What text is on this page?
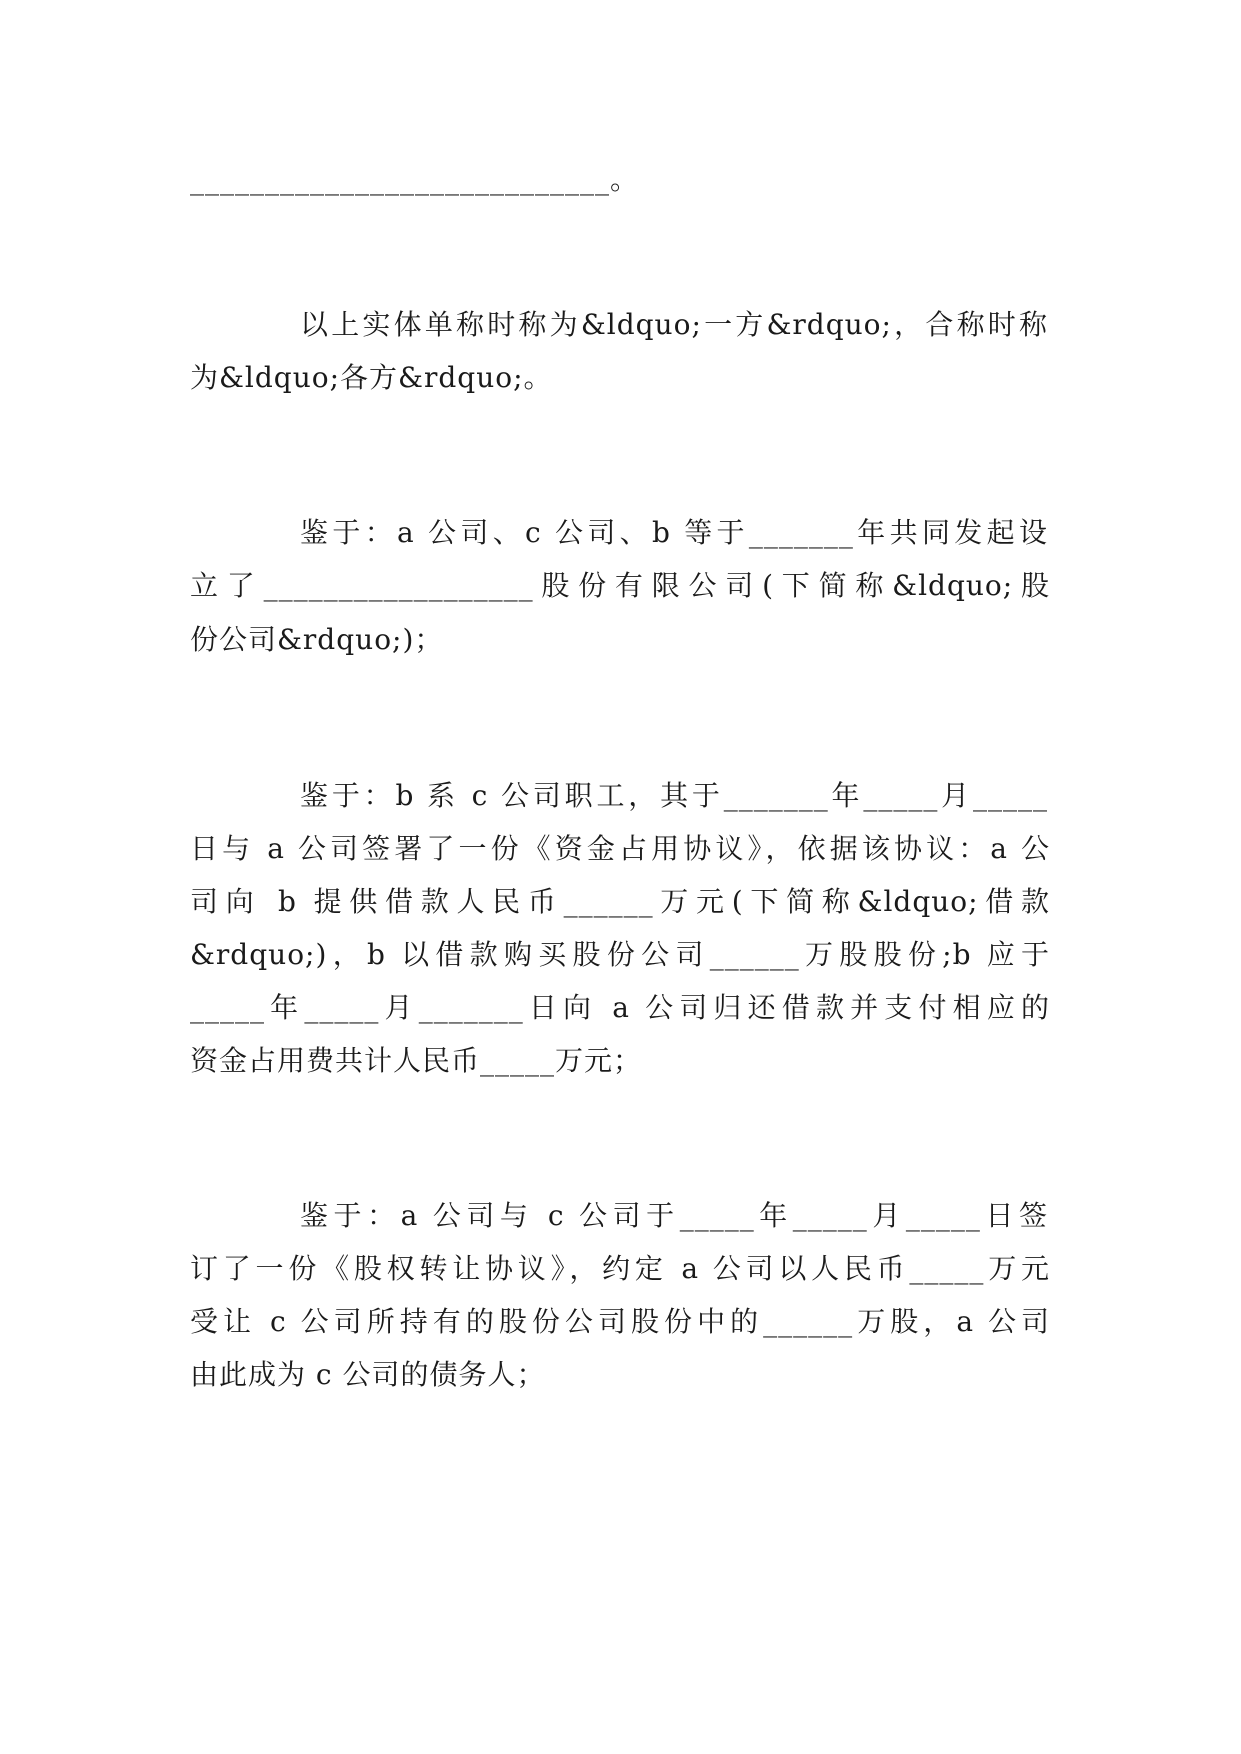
____________________________。
以上实体单称时称为&ldquo;一方&rdquo;，合称时称
为&ldquo;各方&rdquo;。
鉴于：a 公司、c 公司、b 等于_______年共同发起设
立了__________________股份有限公司(下简称&ldquo;股
份公司&rdquo;)；
鉴于：b 系 c 公司职工，其于_______年_____月_____
日与 a 公司签署了一份《资金占用协议》，依据该协议：a 公
司向 b 提供借款人民币______万元(下简称&ldquo;借款
&rdquo;)，b 以借款购买股份公司______万股股份;b 应于
_____年_____月_______日向 a 公司归还借款并支付相应的
资金占用费共计人民币_____万元；
鉴于：a 公司与 c 公司于_____年_____月_____日签
订了一份《股权转让协议》，约定 a 公司以人民币_____万元
受让 c 公司所持有的股份公司股份中的______万股，a 公司
由此成为 c 公司的债务人；
